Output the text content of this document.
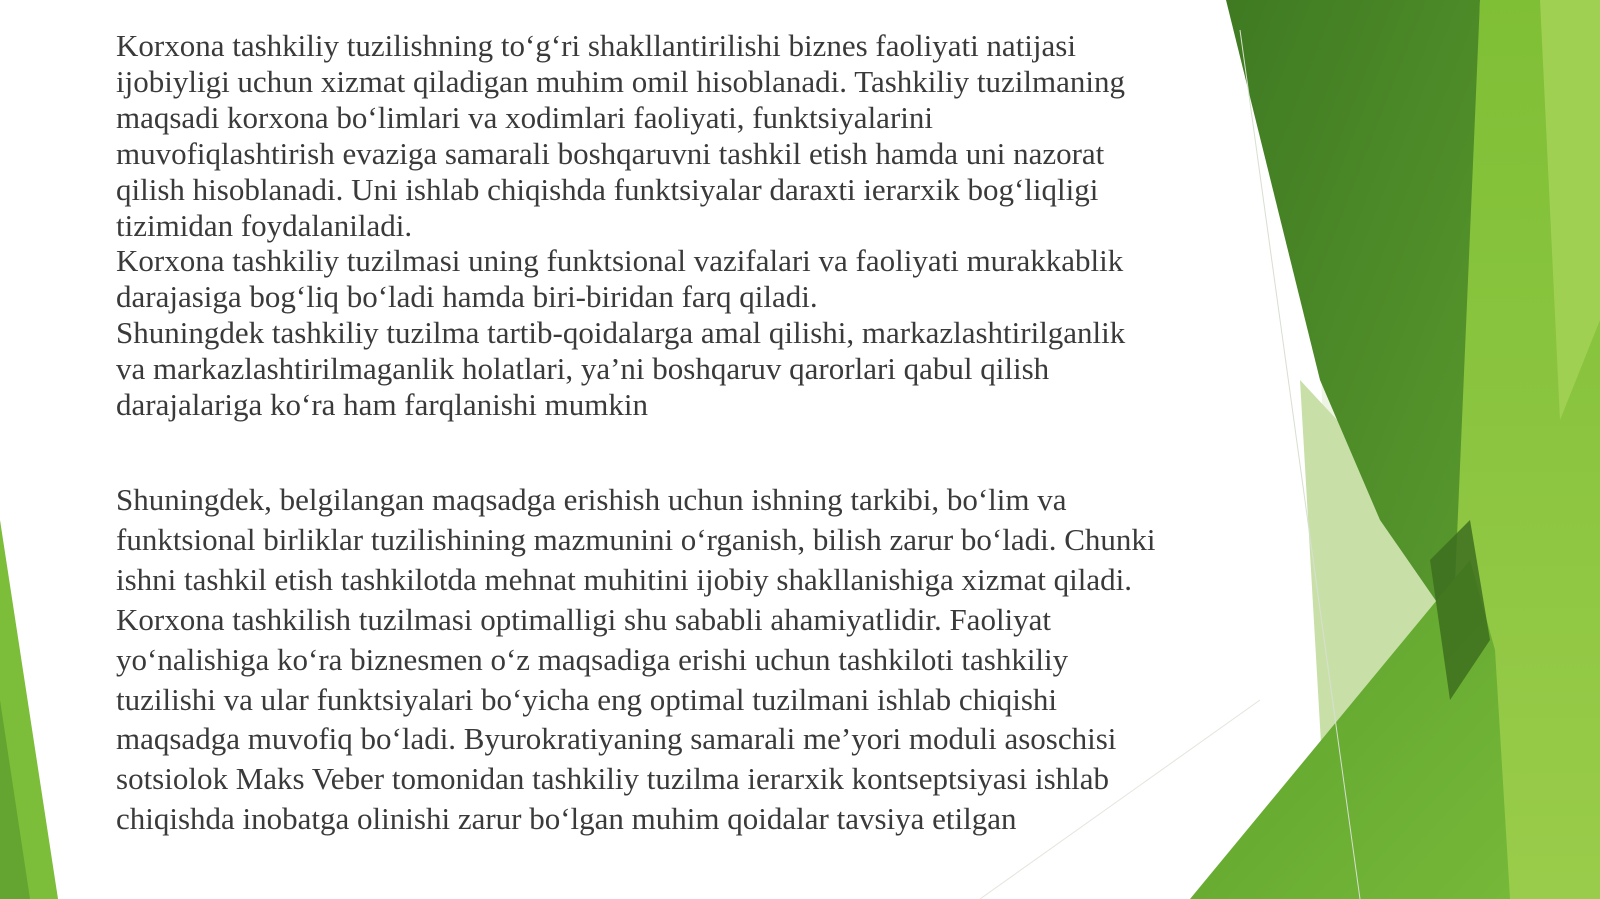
Korxona tashkiliy tuzilishning to‘g‘ri shakllantirilishi biznes faoliyati natijasi
ijobiyligi uchun xizmat qiladigan muhim omil hisoblanadi. Tashkiliy tuzilmaning
maqsadi korxona bo‘limlari va xodimlari faoliyati, funktsiyalarini
muvofiqlashtirish evaziga samarali boshqaruvni tashkil etish hamda uni nazorat
qilish hisoblanadi. Uni ishlab chiqishda funktsiyalar daraxti ierarxik bog‘liqligi
tizimidan foydalaniladi.
Korxona tashkiliy tuzilmasi uning funktsional vazifalari va faoliyati murakkablik
darajasiga bog‘liq bo‘ladi hamda biri-biridan farq qiladi.
Shuningdek tashkiliy tuzilma tartib-qoidalarga amal qilishi, markazlashtirilganlik
va markazlashtirilmaganlik holatlari, ya’ni boshqaruv qarorlari qabul qilish
darajalariga ko‘ra ham farqlanishi mumkin

Shuningdek, belgilangan maqsadga erishish uchun ishning tarkibi, bo‘lim va
funktsional birliklar tuzilishining mazmunini o‘rganish, bilish zarur bo‘ladi. Chunki
ishni tashkil etish tashkilotda mehnat muhitini ijobiy shakllanishiga xizmat qiladi.
Korxona tashkilish tuzilmasi optimalligi shu sababli ahamiyatlidir. Faoliyat
yo‘nalishiga ko‘ra biznesmen o‘z maqsadiga erishi uchun tashkiloti tashkiliy
tuzilishi va ular funktsiyalari bo‘yicha eng optimal tuzilmani ishlab chiqishi
maqsadga muvofiq bo‘ladi. Byurokratiyaning samarali me’yori moduli asoschisi
sotsiolok Maks Veber tomonidan tashkiliy tuzilma ierarxik kontseptsiyasi ishlab
chiqishda inobatga olinishi zarur bo‘lgan muhim qoidalar tavsiya etilgan
